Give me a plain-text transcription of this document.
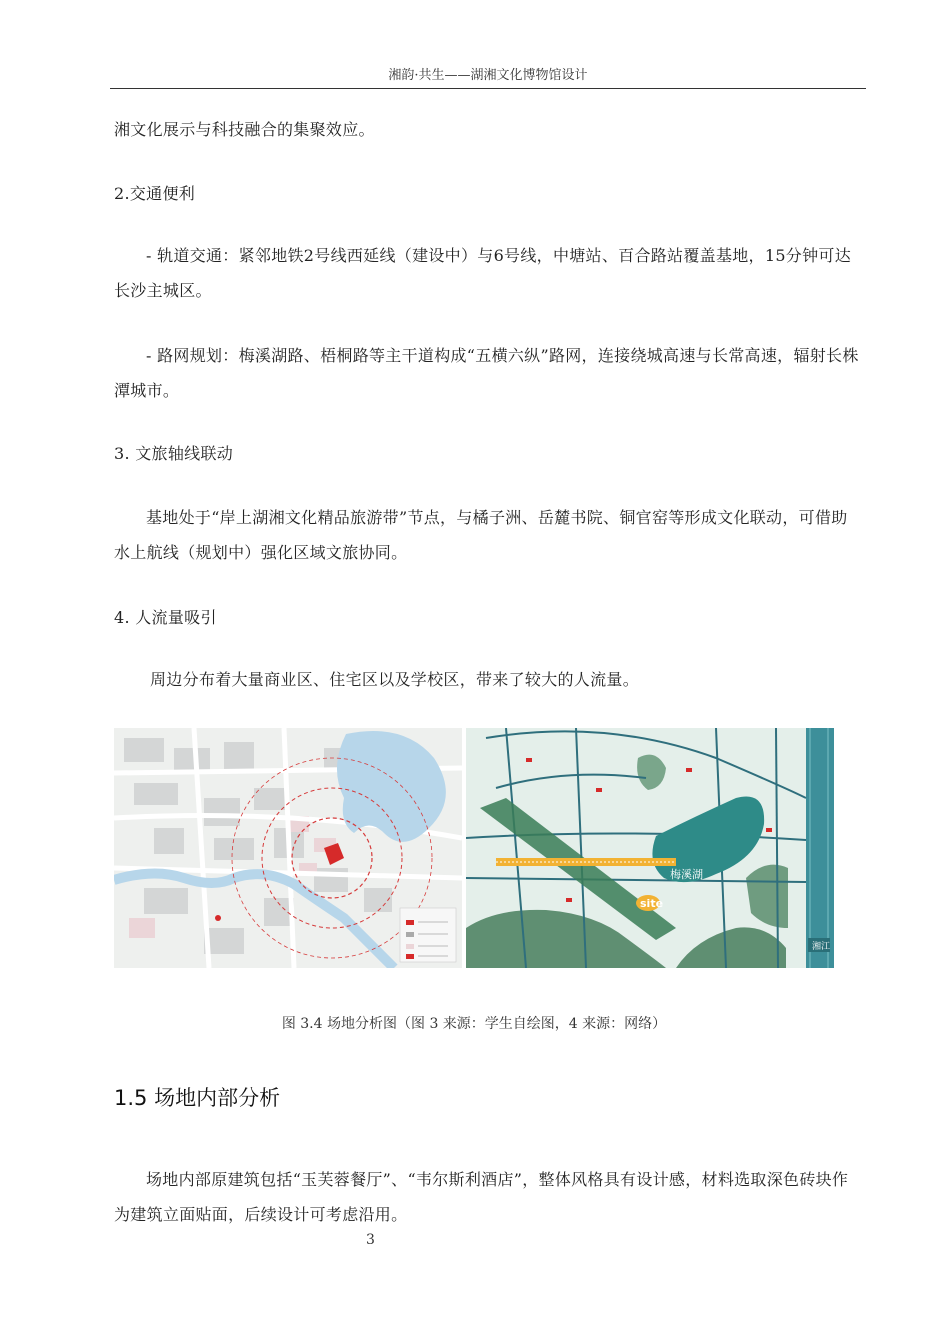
湘韵·共生——湖湘文化博物馆设计

湘文化展示与科技融合的集聚效应。

2.交通便利

- 轨道交通：紧邻地铁2号线西延线（建设中）与6号线，中塘站、百合路站覆盖基地，15分钟可达长沙主城区。

- 路网规划：梅溪湖路、梧桐路等主干道构成“五横六纵”路网，连接绕城高速与长常高速，辐射长株潭城市。

3. 文旅轴线联动

基地处于“岸上湖湘文化精品旅游带”节点，与橘子洲、岳麓书院、铜官窑等形成文化联动，可借助水上航线（规划中）强化区域文旅协同。

4. 人流量吸引

周边分布着大量商业区、住宅区以及学校区，带来了较大的人流量。

梅溪湖
site
湘江
图 3.4 场地分析图（图 3 来源：学生自绘图，4 来源：网络）
1.5 场地内部分析

场地内部原建筑包括“玉芙蓉餐厅”、“韦尔斯利酒店”，整体风格具有设计感，材料选取深色砖块作为建筑立面贴面，后续设计可考虑沿用。

3
